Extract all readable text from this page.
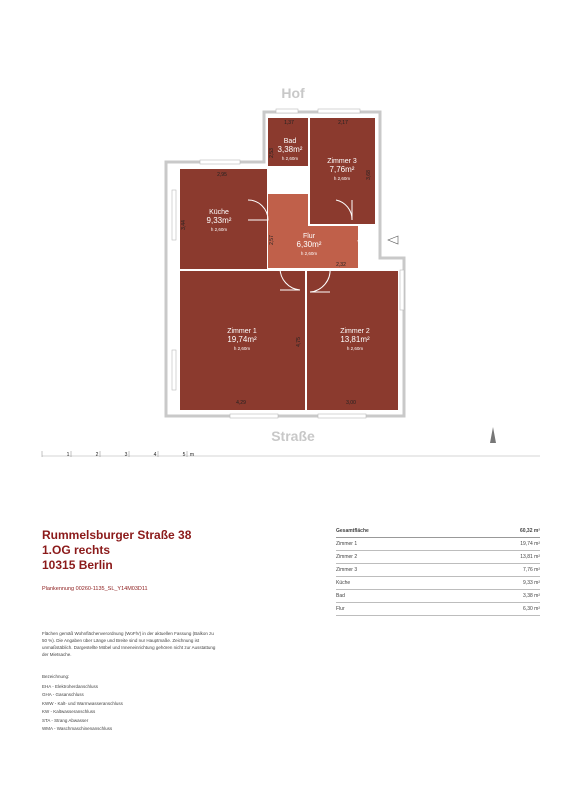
Hof
Straße
Bad
3,38m²
h 2,60m	Zimmer 3
7,76m²
h 2,60m
Küche
9,33m²
h 2,60m
Flur
6,30m²
h 2,60m
Zimmer 1
19,74m²
h 2,60m
Zimmer 2
13,81m²
h 2,60m
1,37	2,17
2,53
3,68
2,95
3,44
2,57
2,32
4,75
4,29	3,00
1	2	3	4	5 m
Rummelsburger Straße 38
1.OG rechts
10315 Berlin
Plankennung 00260-1135_SL_Y14M03D11
Flächen gemäß Wohnflächenverordnung (WoFlV) in der aktuellen Fassung (Balkon zu 50 %). Die Angaben über Länge und Breite sind nur Hauptmaße. Zeichnung ist unmaßstäblich. Dargestellte Möbel und Inneneinrichtung gehören nicht zur Ausstattung der Mietsache.
Bezeichnung:
EHA - Elektroherdanschluss
GHA - Gasanschluss
KWW - Kalt- und Warmwasseranschluss
KW - Kaltwasseranschluss
STA - Strang Abwasser
WMA - Waschmaschinenanschluss
Gesamtfläche	60,32 m²
Zimmer 1	19,74 m²
Zimmer 2	13,81 m²
Zimmer 3	7,76 m²
Küche	9,33 m²
Bad	3,38 m²
Flur	6,30 m²
